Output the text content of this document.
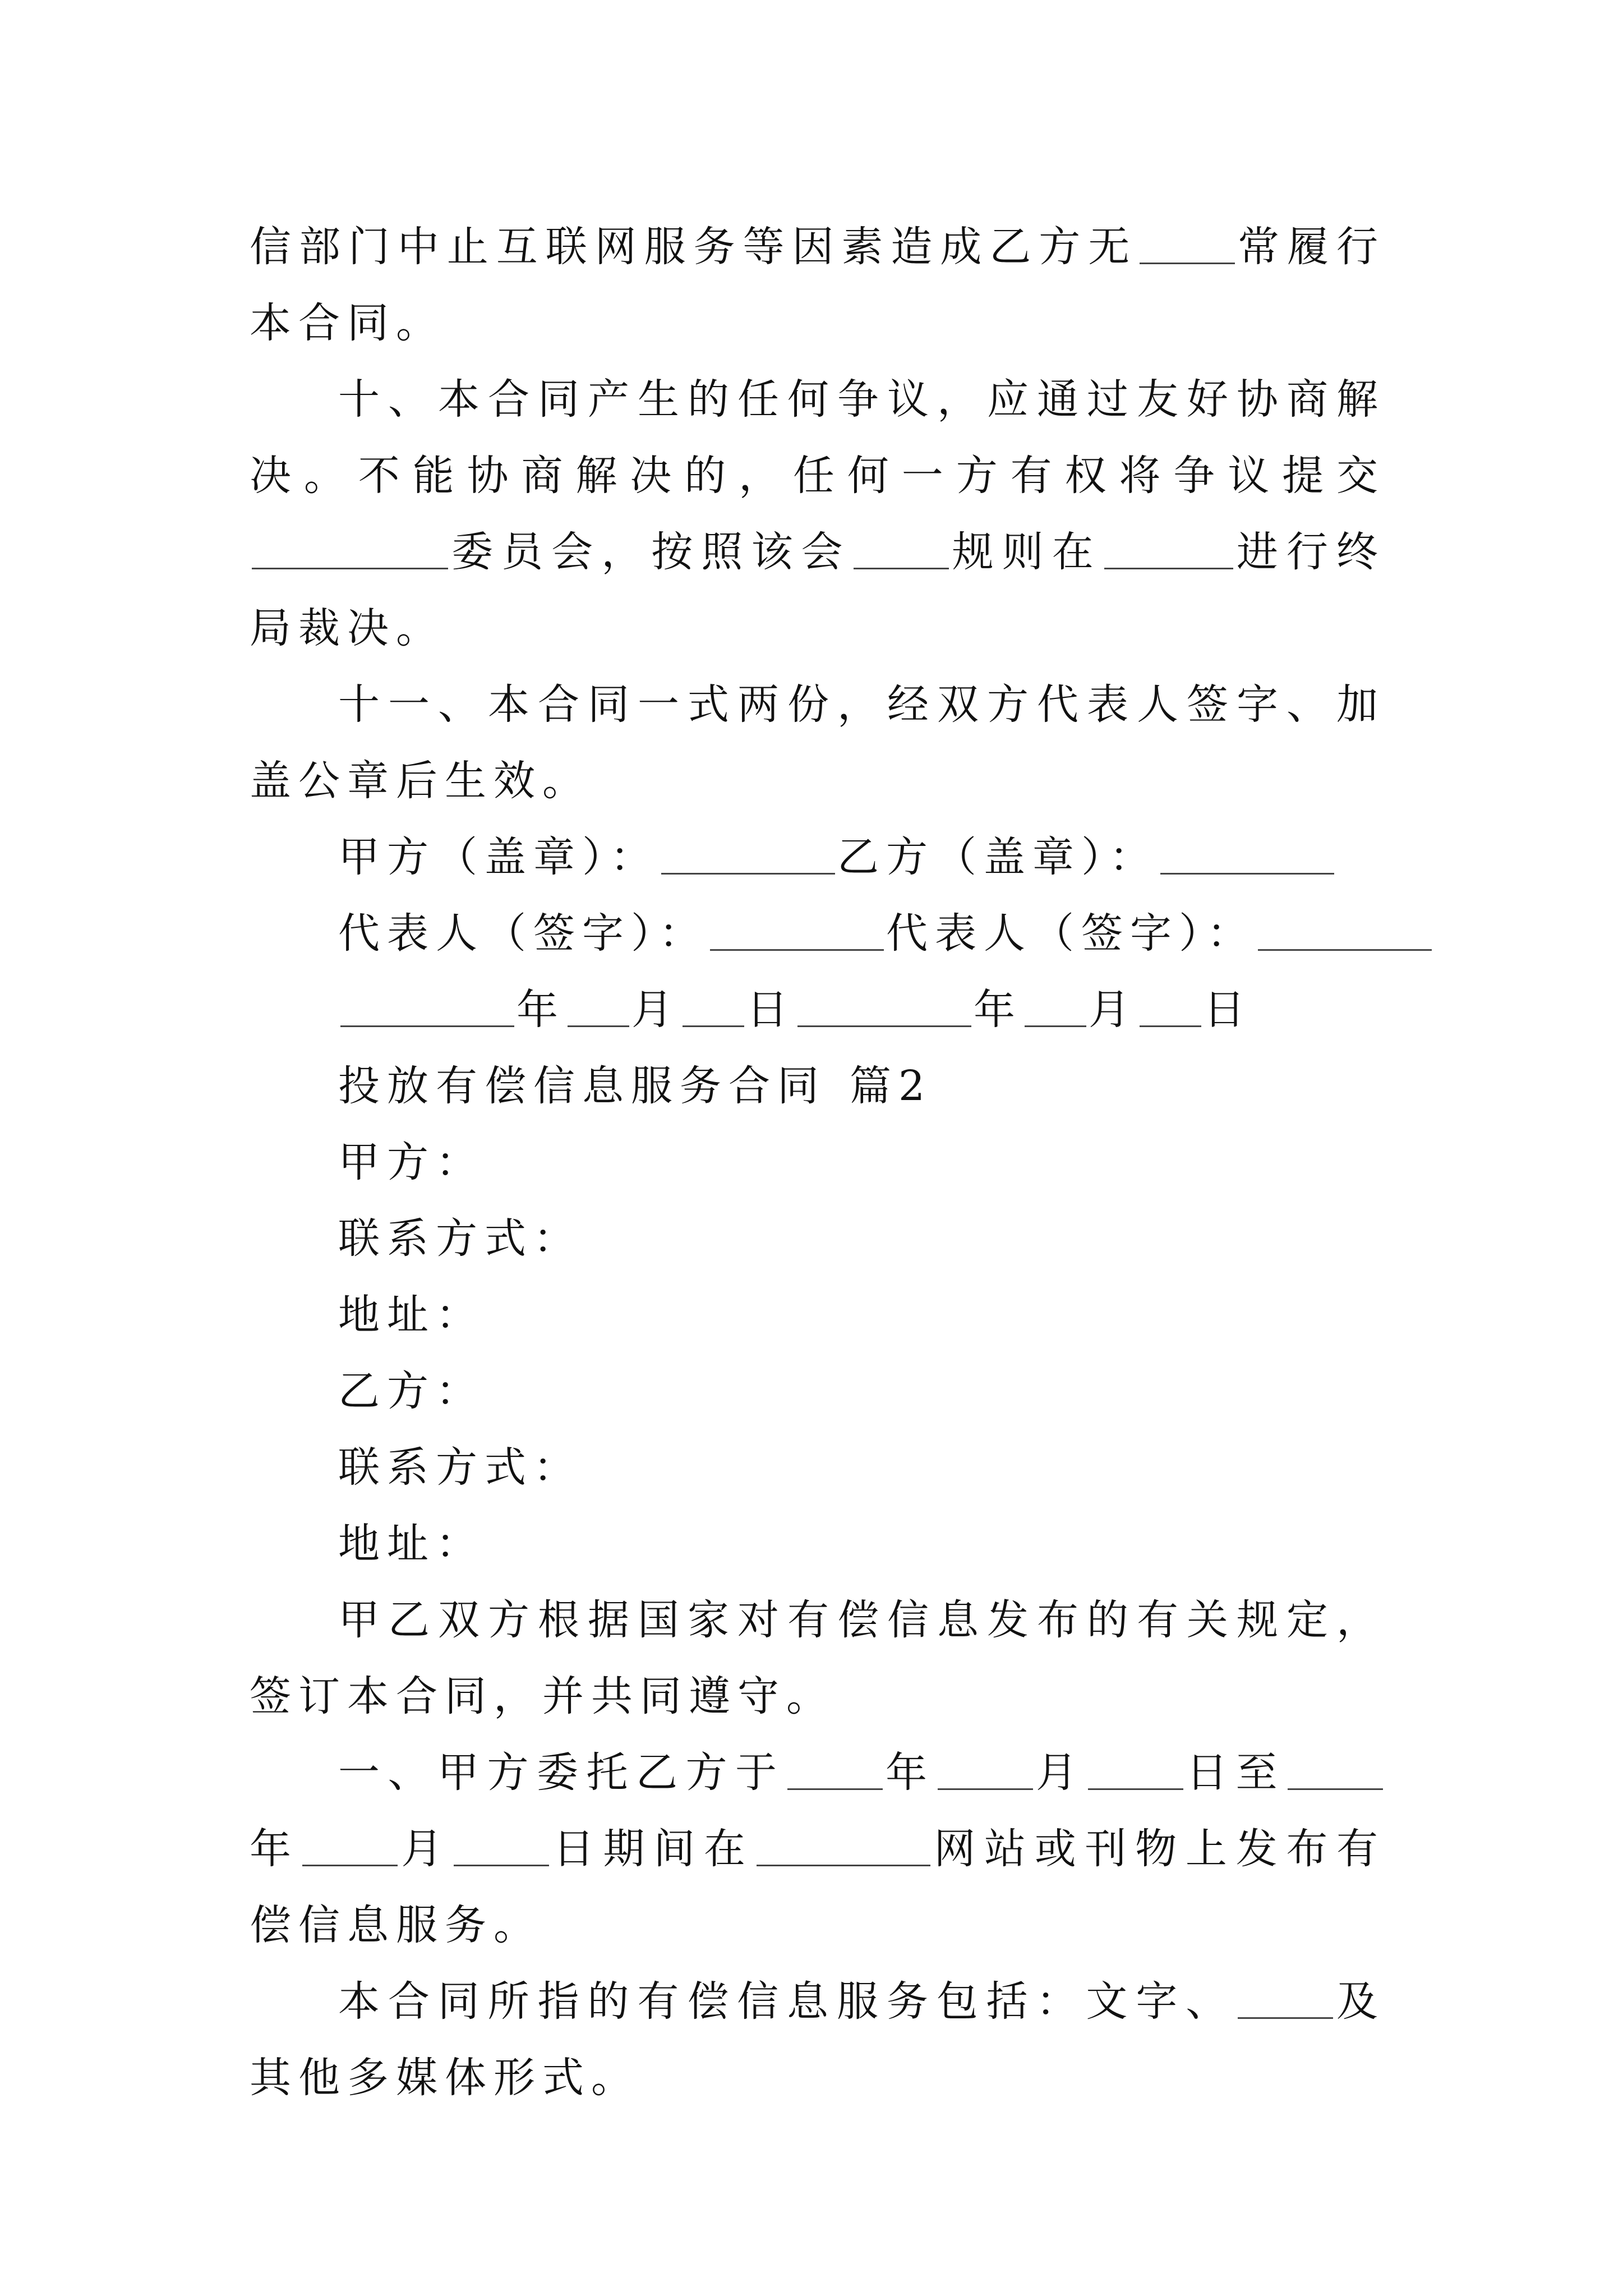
信部门中止互联网服务等因素造成乙方无 常履行本合同。

十、本合同产生的任何争议，应通过友好协商解决。不能协商解决的，任何一方有权将争议提交委员会，按照该会 规则在	进行终局裁决。

十一、本合同一式两份，经双方代表人签字、加盖公章后生效。

甲方（盖章）：	乙方（盖章）：

代表人（签字）：	代表人（签字）：

年 月 日	年 月 日

投放有偿信息服务合同 篇2

甲方：

联系方式：

地址：

乙方：

联系方式：

地址：

甲乙双方根据国家对有偿信息发布的有关规定，签订本合同，并共同遵守。

一、甲方委托乙方于 年 月 日至年 月 日期间在	网站或刊物上发布有偿信息服务。

本合同所指的有偿信息服务包括：文字、 及其他多媒体形式。
